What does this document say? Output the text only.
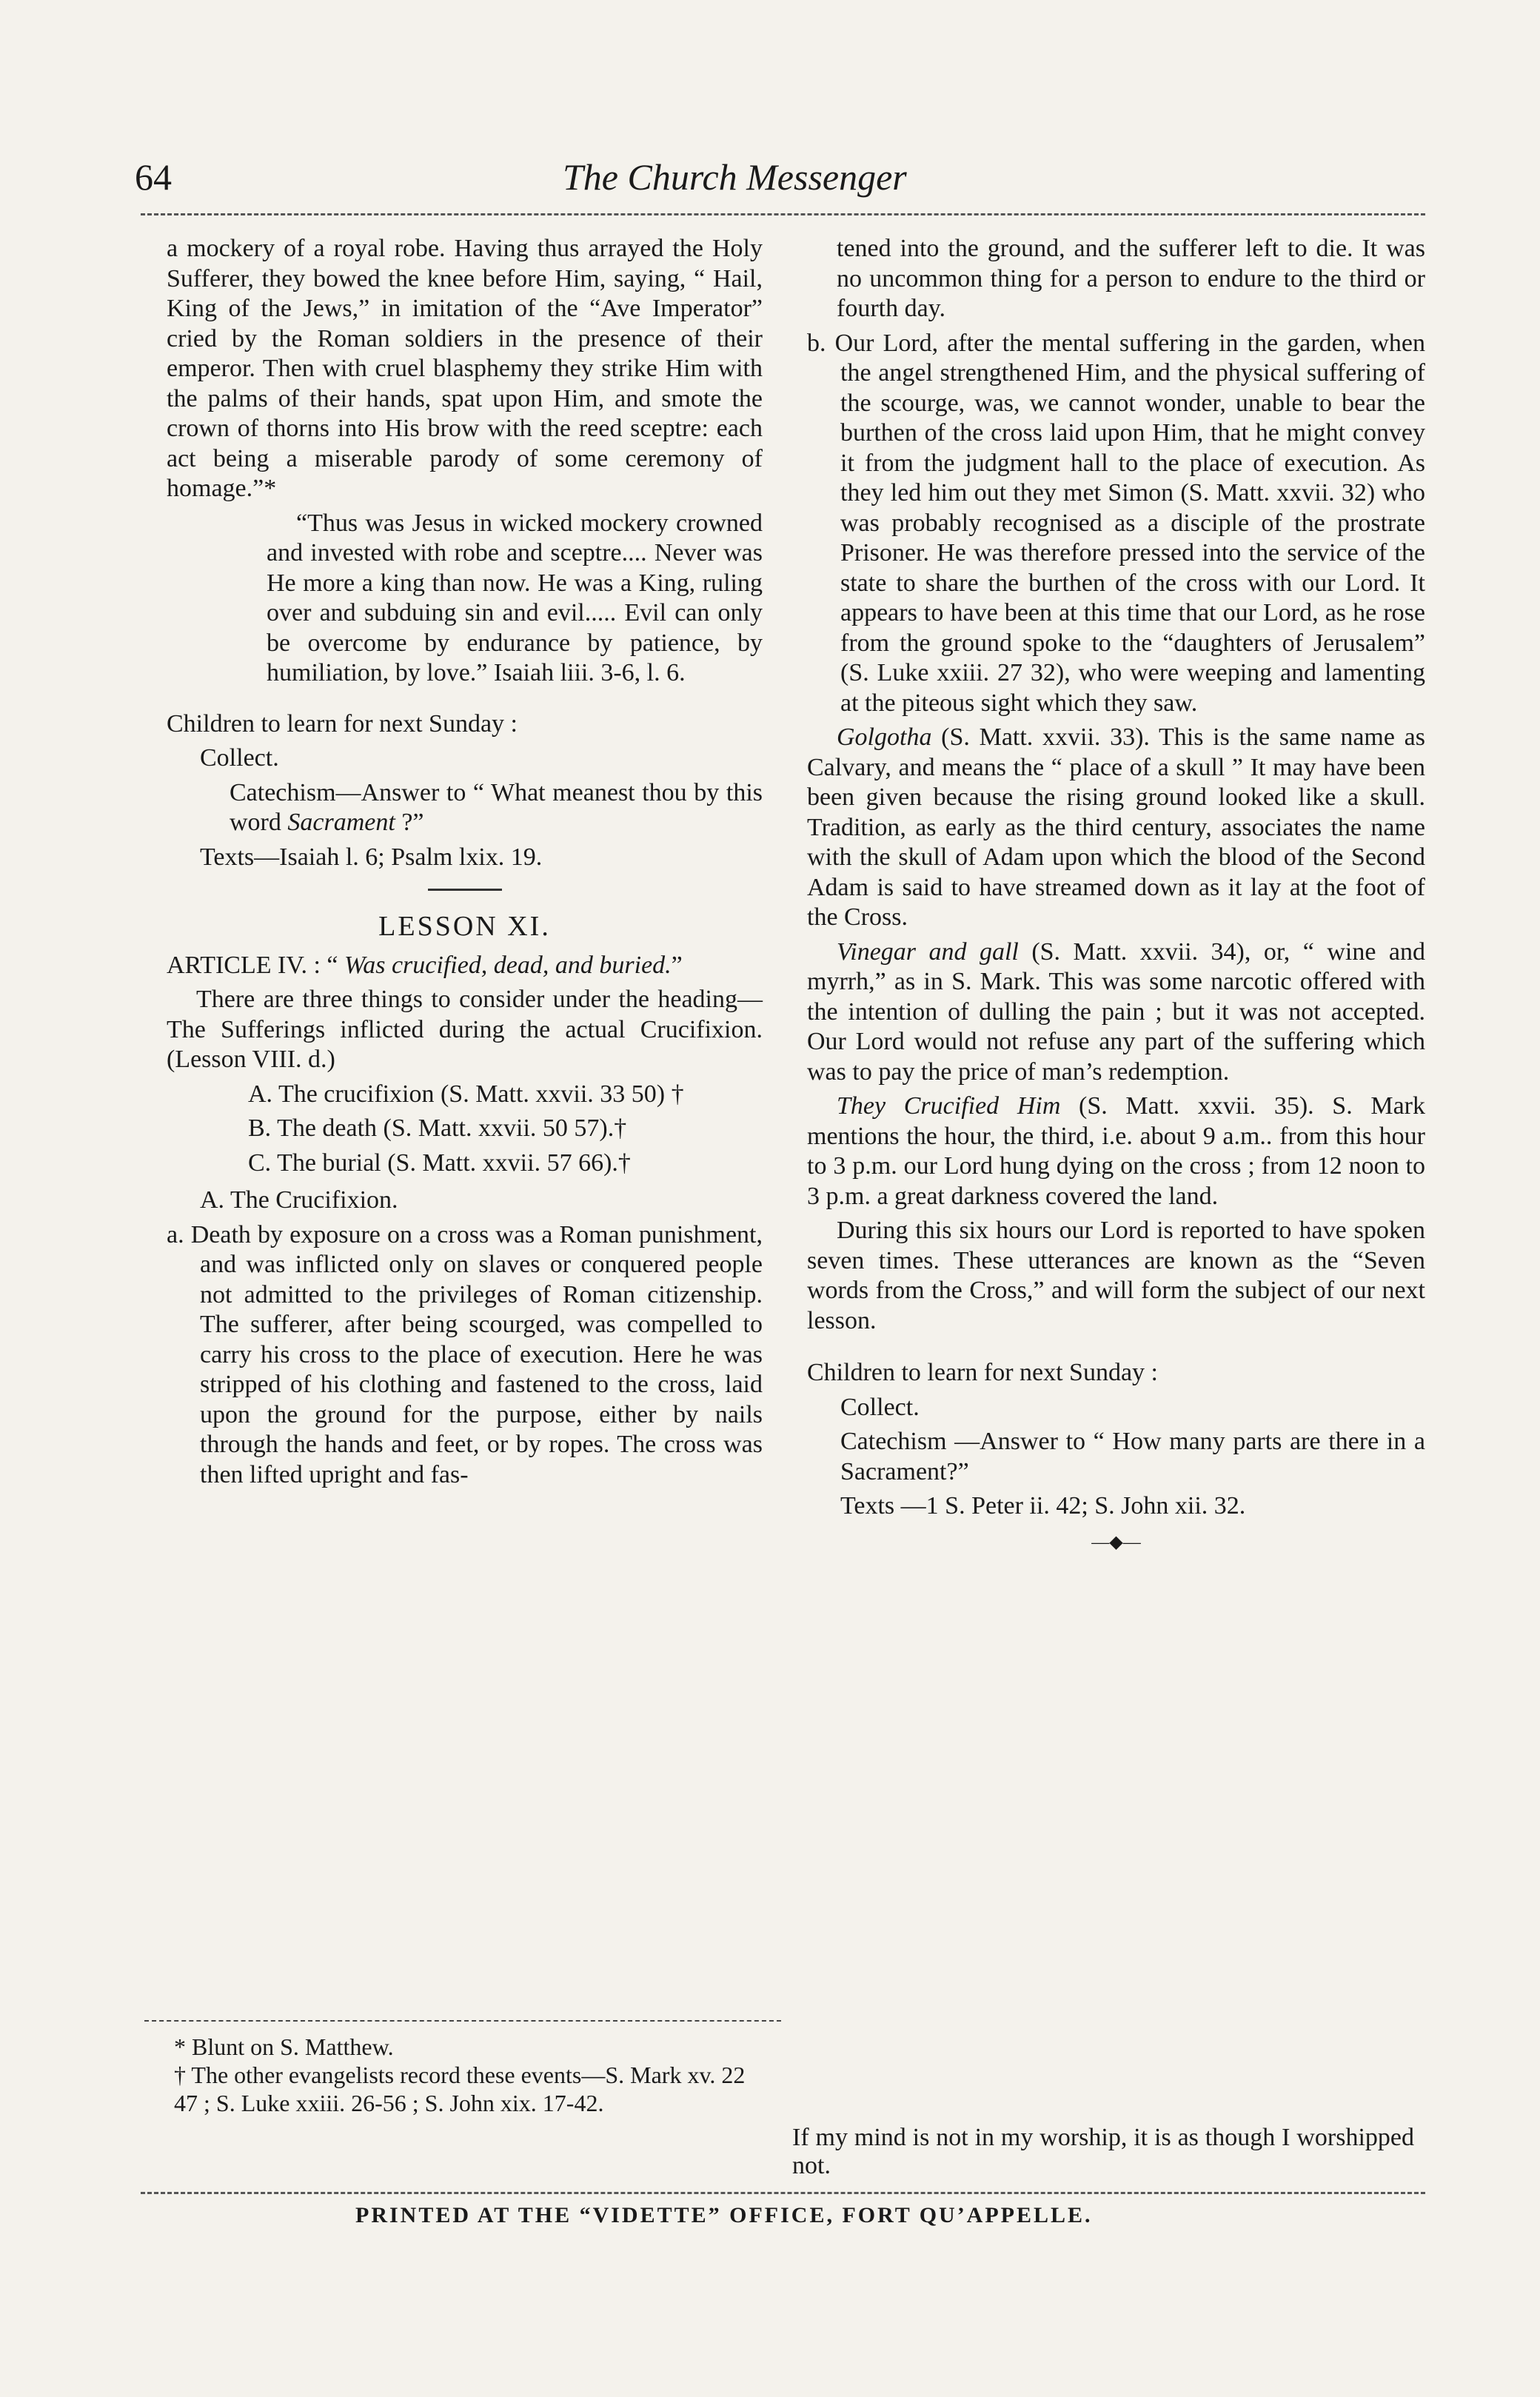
64	The Church Messenger

a mockery of a royal robe. Having thus arrayed the Holy Sufferer, they bowed the knee before Him, saying, “ Hail, King of the Jews,” in imitation of the “Ave Imperator” cried by the Roman soldiers in the presence of their emperor. Then with cruel blasphemy they strike Him with the palms of their hands, spat upon Him, and smote the crown of thorns into His brow with the reed sceptre: each act being a miserable parody of some ceremony of homage.”*

“Thus was Jesus in wicked mockery crowned and invested with robe and sceptre.... Never was He more a king than now. He was a King, ruling over and subduing sin and evil..... Evil can only be overcome by endurance by patience, by humiliation, by love.” Isaiah liii. 3-6, l. 6.

Children to learn for next Sunday :

Collect.

Catechism—Answer to “ What meanest thou by this word Sacrament ?”

Texts—Isaiah l. 6; Psalm lxix. 19.

LESSON XI.

ARTICLE IV. : “ Was crucified, dead, and buried.”

There are three things to consider under the heading—The Sufferings inflicted during the actual Crucifixion. (Lesson VIII. d.)

A. The crucifixion (S. Matt. xxvii. 33 50) †

B. The death (S. Matt. xxvii. 50 57).†

C. The burial (S. Matt. xxvii. 57 66).†

A. The Crucifixion.

a. Death by exposure on a cross was a Roman punishment, and was inflicted only on slaves or conquered people not admitted to the privileges of Roman citizenship. The sufferer, after being scourged, was compelled to carry his cross to the place of execution. Here he was stripped of his clothing and fastened to the cross, laid upon the ground for the purpose, either by nails through the hands and feet, or by ropes. The cross was then lifted upright and fas-

tened into the ground, and the sufferer left to die. It was no uncommon thing for a person to endure to the third or fourth day.

b. Our Lord, after the mental suffering in the garden, when the angel strengthened Him, and the physical suffering of the scourge, was, we cannot wonder, unable to bear the burthen of the cross laid upon Him, that he might convey it from the judgment hall to the place of execution. As they led him out they met Simon (S. Matt. xxvii. 32) who was probably recognised as a disciple of the prostrate Prisoner. He was therefore pressed into the service of the state to share the burthen of the cross with our Lord. It appears to have been at this time that our Lord, as he rose from the ground spoke to the “daughters of Jerusalem” (S. Luke xxiii. 27 32), who were weeping and lamenting at the piteous sight which they saw.

Golgotha (S. Matt. xxvii. 33). This is the same name as Calvary, and means the “ place of a skull ” It may have been been given because the rising ground looked like a skull. Tradition, as early as the third century, associates the name with the skull of Adam upon which the blood of the Second Adam is said to have streamed down as it lay at the foot of the Cross.

Vinegar and gall (S. Matt. xxvii. 34), or, “ wine and myrrh,” as in S. Mark. This was some narcotic offered with the intention of dulling the pain ; but it was not accepted. Our Lord would not refuse any part of the suffering which was to pay the price of man’s redemption.

They Crucified Him (S. Matt. xxvii. 35). S. Mark mentions the hour, the third, i.e. about 9 a.m.. from this hour to 3 p.m. our Lord hung dying on the cross ; from 12 noon to 3 p.m. a great darkness covered the land.

During this six hours our Lord is reported to have spoken seven times. These utterances are known as the “Seven words from the Cross,” and will form the subject of our next lesson.

Children to learn for next Sunday :

Collect.

Catechism —Answer to “ How many parts are there in a Sacrament?”

Texts —1 S. Peter ii. 42; S. John xii. 32.

—◆—

* Blunt on S. Matthew.

† The other evangelists record these events—S. Mark xv. 22 47 ; S. Luke xxiii. 26-56 ; S. John xix. 17-42.

If my mind is not in my worship, it is as though I worshipped not.

PRINTED AT THE “VIDETTE” OFFICE, FORT QU’APPELLE.
